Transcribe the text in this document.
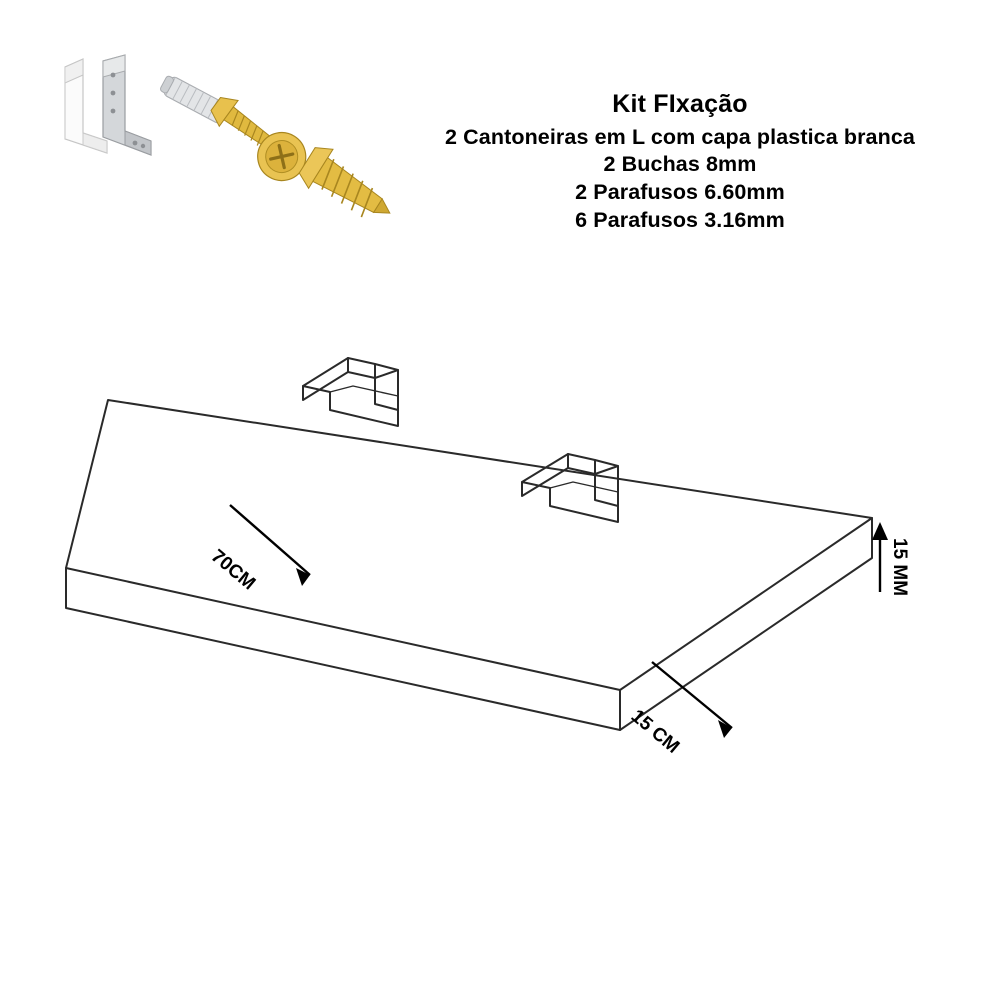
Kit FIxação
2 Cantoneiras em L com capa plastica branca
2 Buchas 8mm
2 Parafusos 6.60mm
6 Parafusos 3.16mm
70CM
15 CM
15 MM
